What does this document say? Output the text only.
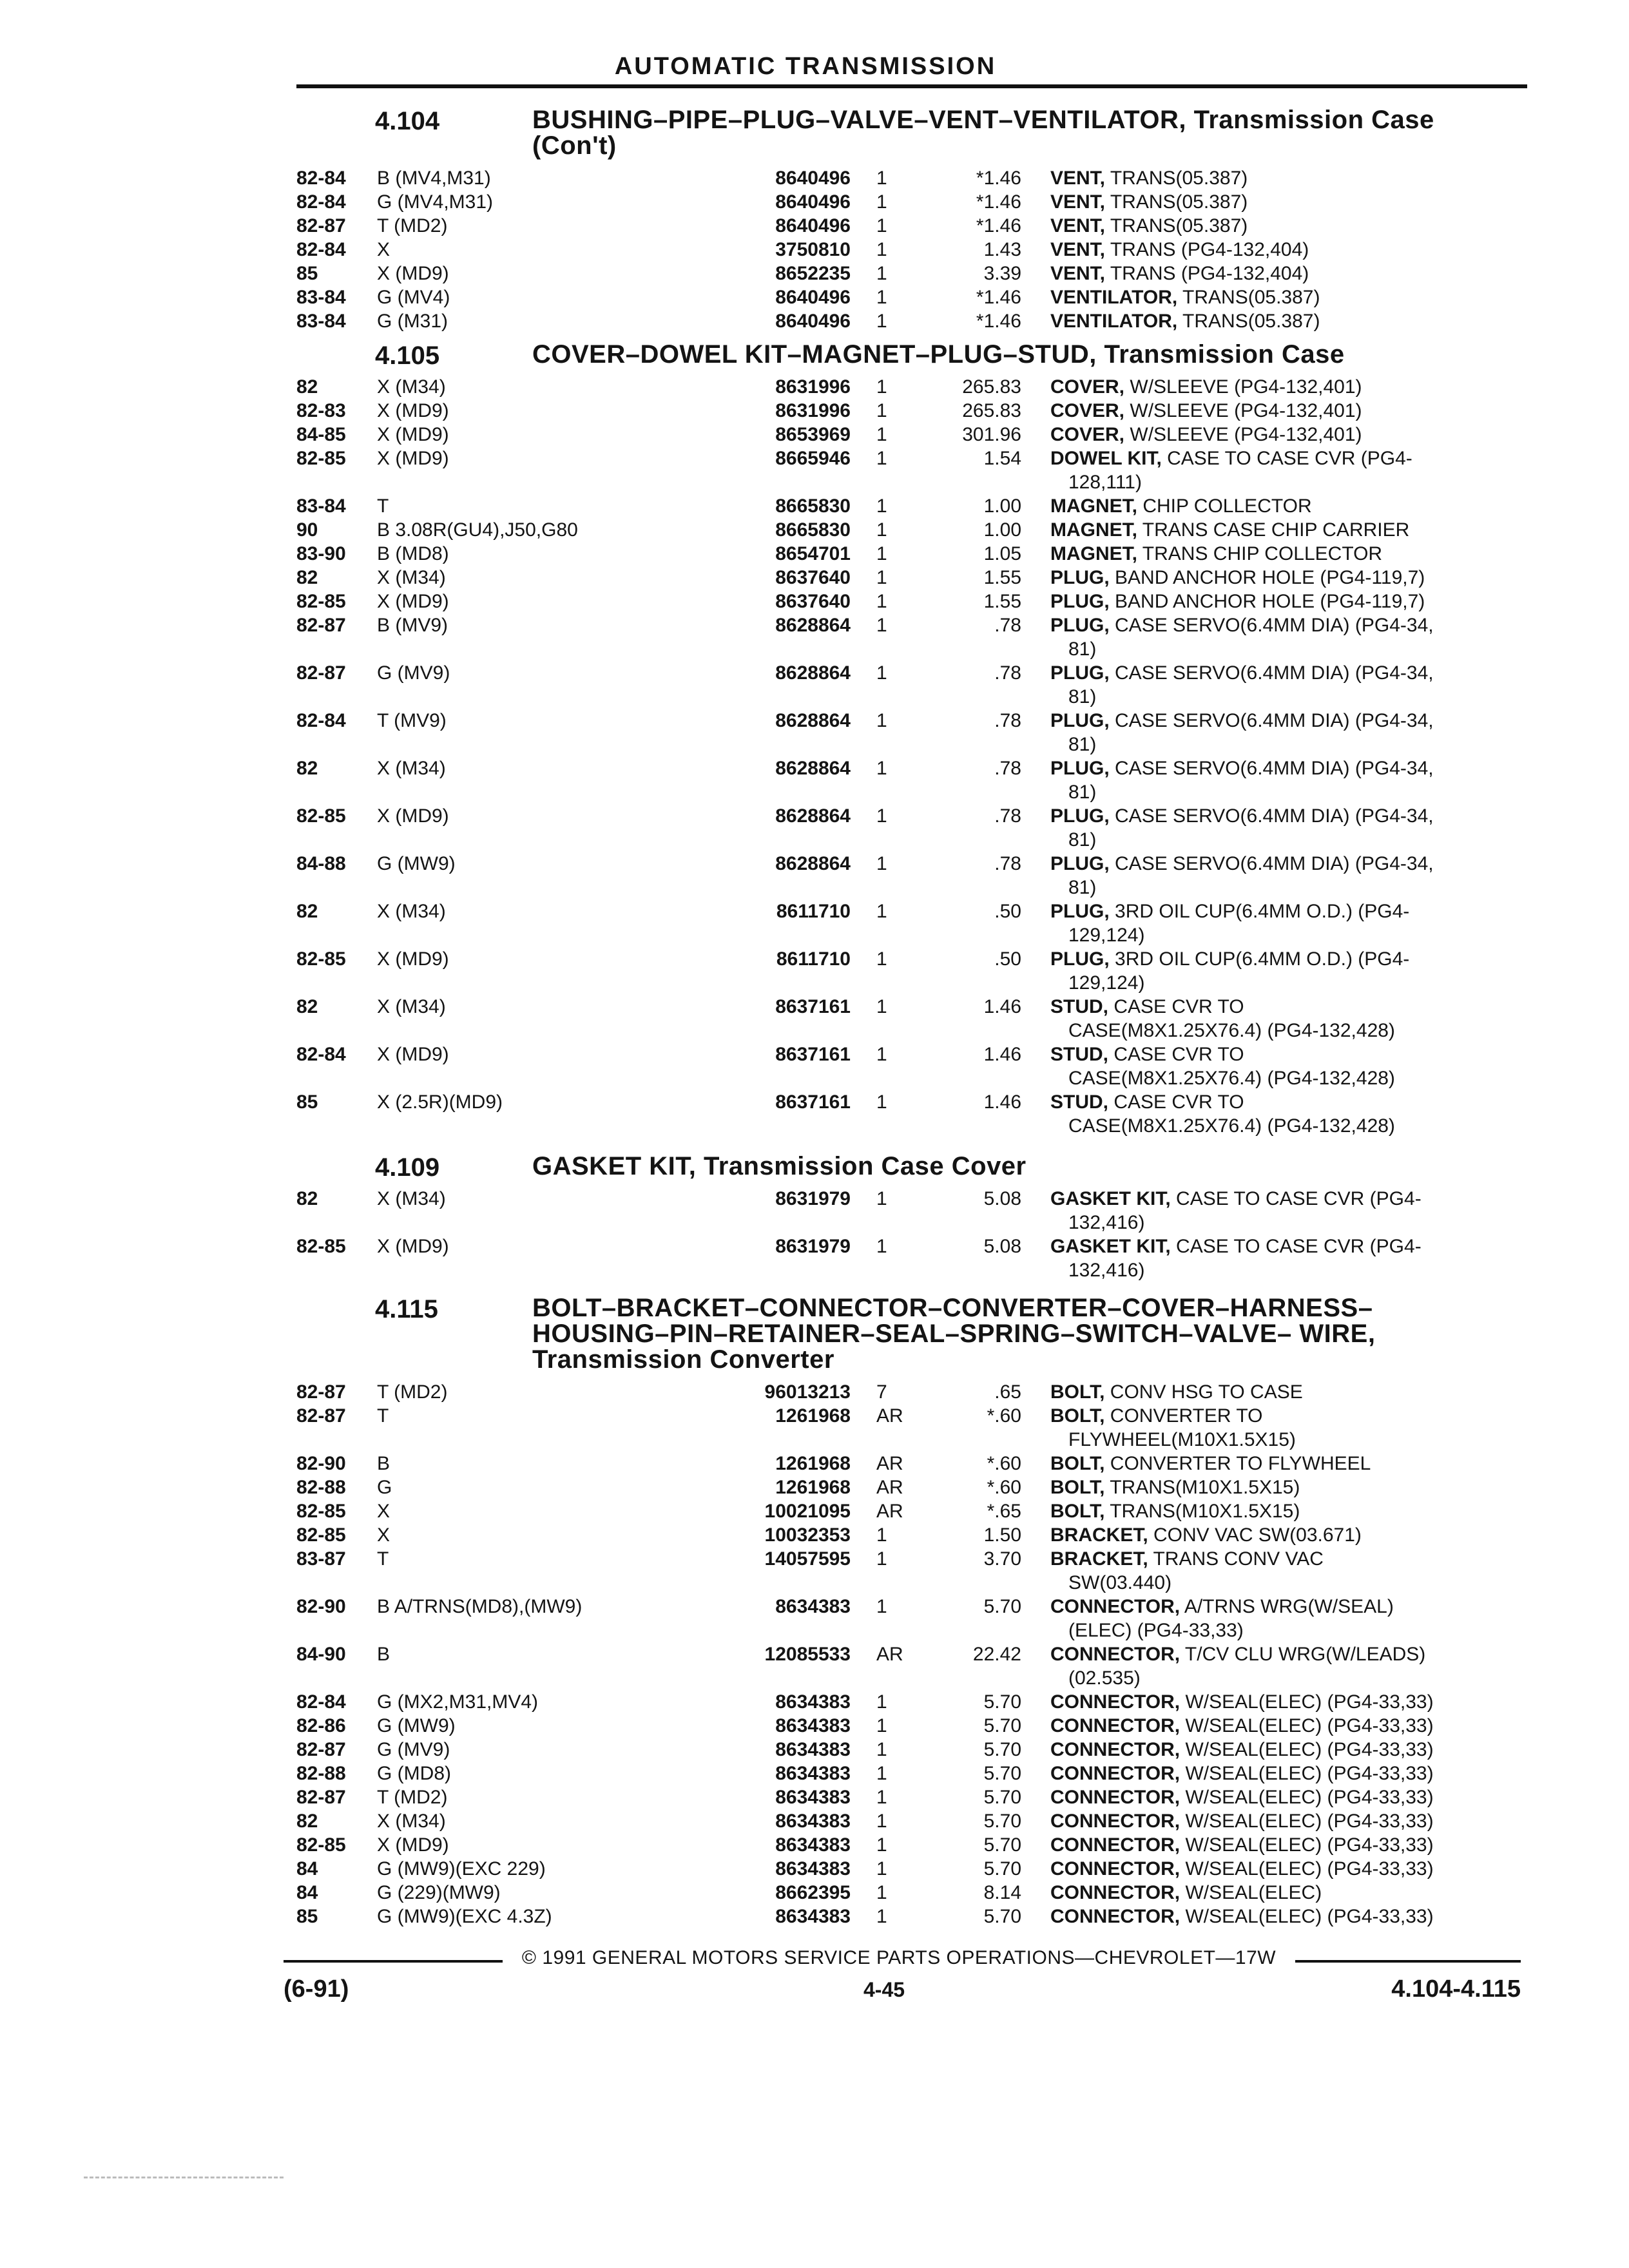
AUTOMATIC TRANSMISSION
4.104	BUSHING–PIPE–PLUG–VALVE–VENT–VENTILATOR, Transmission Case
(Con't)
82-84 B (MV4,M31)	8640496 1	*1.46 VENT, TRANS(05.387)
82-84 G (MV4,M31)	8640496 1	*1.46 VENT, TRANS(05.387)
82-87 T (MD2)	8640496 1	*1.46 VENT, TRANS(05.387)
82-84 X	3750810 1	1.43 VENT, TRANS (PG4-132,404)
85	X (MD9)	8652235 1	3.39 VENT, TRANS (PG4-132,404)
83-84 G (MV4)	8640496 1	*1.46 VENTILATOR, TRANS(05.387)
83-84 G (M31)	8640496 1	*1.46 VENTILATOR, TRANS(05.387)
4.105	COVER–DOWEL KIT–MAGNET–PLUG–STUD, Transmission Case
82	X (M34)	8631996 1	265.83 COVER, W/SLEEVE (PG4-132,401)
82-83 X (MD9)	8631996 1	265.83 COVER, W/SLEEVE (PG4-132,401)
84-85 X (MD9)	8653969 1	301.96 COVER, W/SLEEVE (PG4-132,401)
82-85 X (MD9)	8665946 1	1.54 DOWEL KIT, CASE TO CASE CVR (PG4-
128,111)
83-84 T	8665830 1	1.00 MAGNET, CHIP COLLECTOR
90	B 3.08R(GU4),J50,G80	8665830 1	1.00 MAGNET, TRANS CASE CHIP CARRIER
83-90 B (MD8)	8654701 1	1.05 MAGNET, TRANS CHIP COLLECTOR
82	X (M34)	8637640 1	1.55 PLUG, BAND ANCHOR HOLE (PG4-119,7)
82-85 X (MD9)	8637640 1	1.55 PLUG, BAND ANCHOR HOLE (PG4-119,7)
82-87 B (MV9)	8628864 1	.78 PLUG, CASE SERVO(6.4MM DIA) (PG4-34,
81)
82-87 G (MV9)	8628864 1	.78 PLUG, CASE SERVO(6.4MM DIA) (PG4-34,
81)
82-84 T (MV9)	8628864 1	.78 PLUG, CASE SERVO(6.4MM DIA) (PG4-34,
81)
82	X (M34)	8628864 1	.78 PLUG, CASE SERVO(6.4MM DIA) (PG4-34,
81)
82-85 X (MD9)	8628864 1	.78 PLUG, CASE SERVO(6.4MM DIA) (PG4-34,
81)
84-88 G (MW9)	8628864 1	.78 PLUG, CASE SERVO(6.4MM DIA) (PG4-34,
81)
82	X (M34)	8611710 1	.50 PLUG, 3RD OIL CUP(6.4MM O.D.) (PG4-
129,124)
82-85 X (MD9)	8611710 1	.50 PLUG, 3RD OIL CUP(6.4MM O.D.) (PG4-
129,124)
82	X (M34)	8637161 1	1.46 STUD, CASE CVR TO
CASE(M8X1.25X76.4) (PG4-132,428)
82-84 X (MD9)	8637161 1	1.46 STUD, CASE CVR TO
CASE(M8X1.25X76.4) (PG4-132,428)
85	X (2.5R)(MD9)	8637161 1	1.46 STUD, CASE CVR TO
CASE(M8X1.25X76.4) (PG4-132,428)
4.109	GASKET KIT, Transmission Case Cover
82	X (M34)	8631979 1	5.08 GASKET KIT, CASE TO CASE CVR (PG4-
132,416)
82-85 X (MD9)	8631979 1	5.08 GASKET KIT, CASE TO CASE CVR (PG4-
132,416)
4.115	BOLT–BRACKET–CONNECTOR–CONVERTER–COVER–HARNESS–
HOUSING–PIN–RETAINER–SEAL–SPRING–SWITCH–VALVE– WIRE,
Transmission Converter
82-87 T (MD2)	96013213 7	.65 BOLT, CONV HSG TO CASE
82-87 T	1261968 AR	*.60 BOLT, CONVERTER TO
FLYWHEEL(M10X1.5X15)
82-90 B	1261968 AR	*.60 BOLT, CONVERTER TO FLYWHEEL
82-88 G	1261968 AR	*.60 BOLT, TRANS(M10X1.5X15)
82-85 X	10021095 AR	*.65 BOLT, TRANS(M10X1.5X15)
82-85 X	10032353 1	1.50 BRACKET, CONV VAC SW(03.671)
83-87 T	14057595 1	3.70 BRACKET, TRANS CONV VAC
SW(03.440)
82-90 B A/TRNS(MD8),(MW9)	8634383 1	5.70 CONNECTOR, A/TRNS WRG(W/SEAL)
(ELEC) (PG4-33,33)
84-90 B	12085533 AR	22.42 CONNECTOR, T/CV CLU WRG(W/LEADS)
(02.535)
82-84 G (MX2,M31,MV4)	8634383 1	5.70 CONNECTOR, W/SEAL(ELEC) (PG4-33,33)
82-86 G (MW9)	8634383 1	5.70 CONNECTOR, W/SEAL(ELEC) (PG4-33,33)
82-87 G (MV9)	8634383 1	5.70 CONNECTOR, W/SEAL(ELEC) (PG4-33,33)
82-88 G (MD8)	8634383 1	5.70 CONNECTOR, W/SEAL(ELEC) (PG4-33,33)
82-87 T (MD2)	8634383 1	5.70 CONNECTOR, W/SEAL(ELEC) (PG4-33,33)
82	X (M34)	8634383 1	5.70 CONNECTOR, W/SEAL(ELEC) (PG4-33,33)
82-85 X (MD9)	8634383 1	5.70 CONNECTOR, W/SEAL(ELEC) (PG4-33,33)
84	G (MW9)(EXC 229)	8634383 1	5.70 CONNECTOR, W/SEAL(ELEC) (PG4-33,33)
84	G (229)(MW9)	8662395 1	8.14 CONNECTOR, W/SEAL(ELEC)
85	G (MW9)(EXC 4.3Z)	8634383 1	5.70 CONNECTOR, W/SEAL(ELEC) (PG4-33,33)
© 1991 GENERAL MOTORS SERVICE PARTS OPERATIONS—CHEVROLET—17W
(6-91)	4-45	4.104-4.115
